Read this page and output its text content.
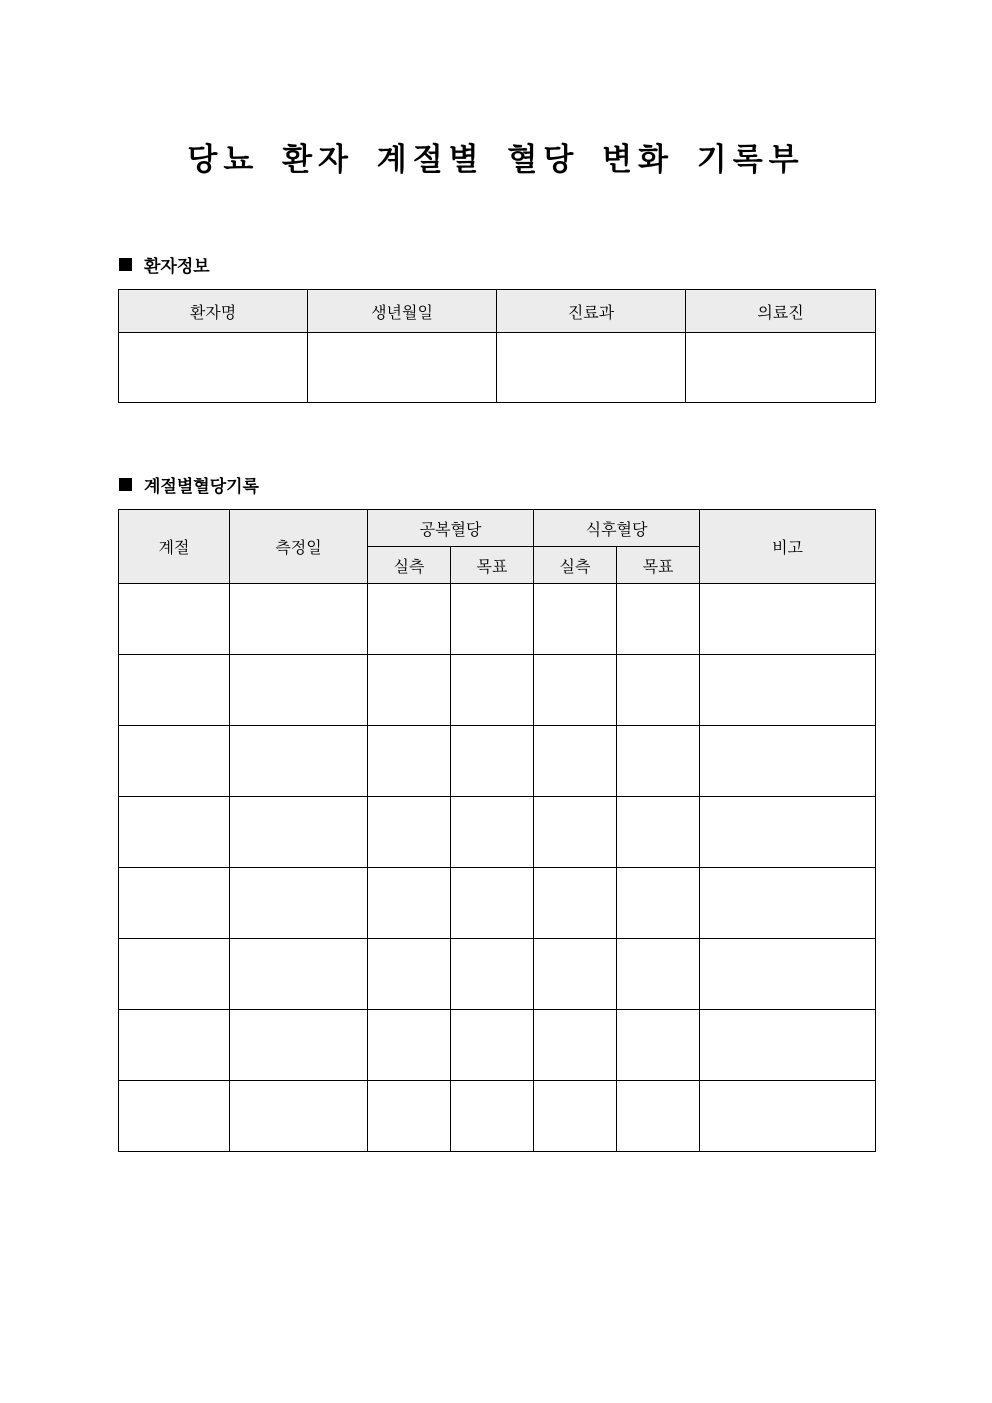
당뇨 환자 계절별 혈당 변화 기록부
환자정보
환자명	생년월일	진료과	의료진

계절별혈당기록
계절	측정일	공복혈당		식후혈당		비고
		실측	목표	실측	목표	
